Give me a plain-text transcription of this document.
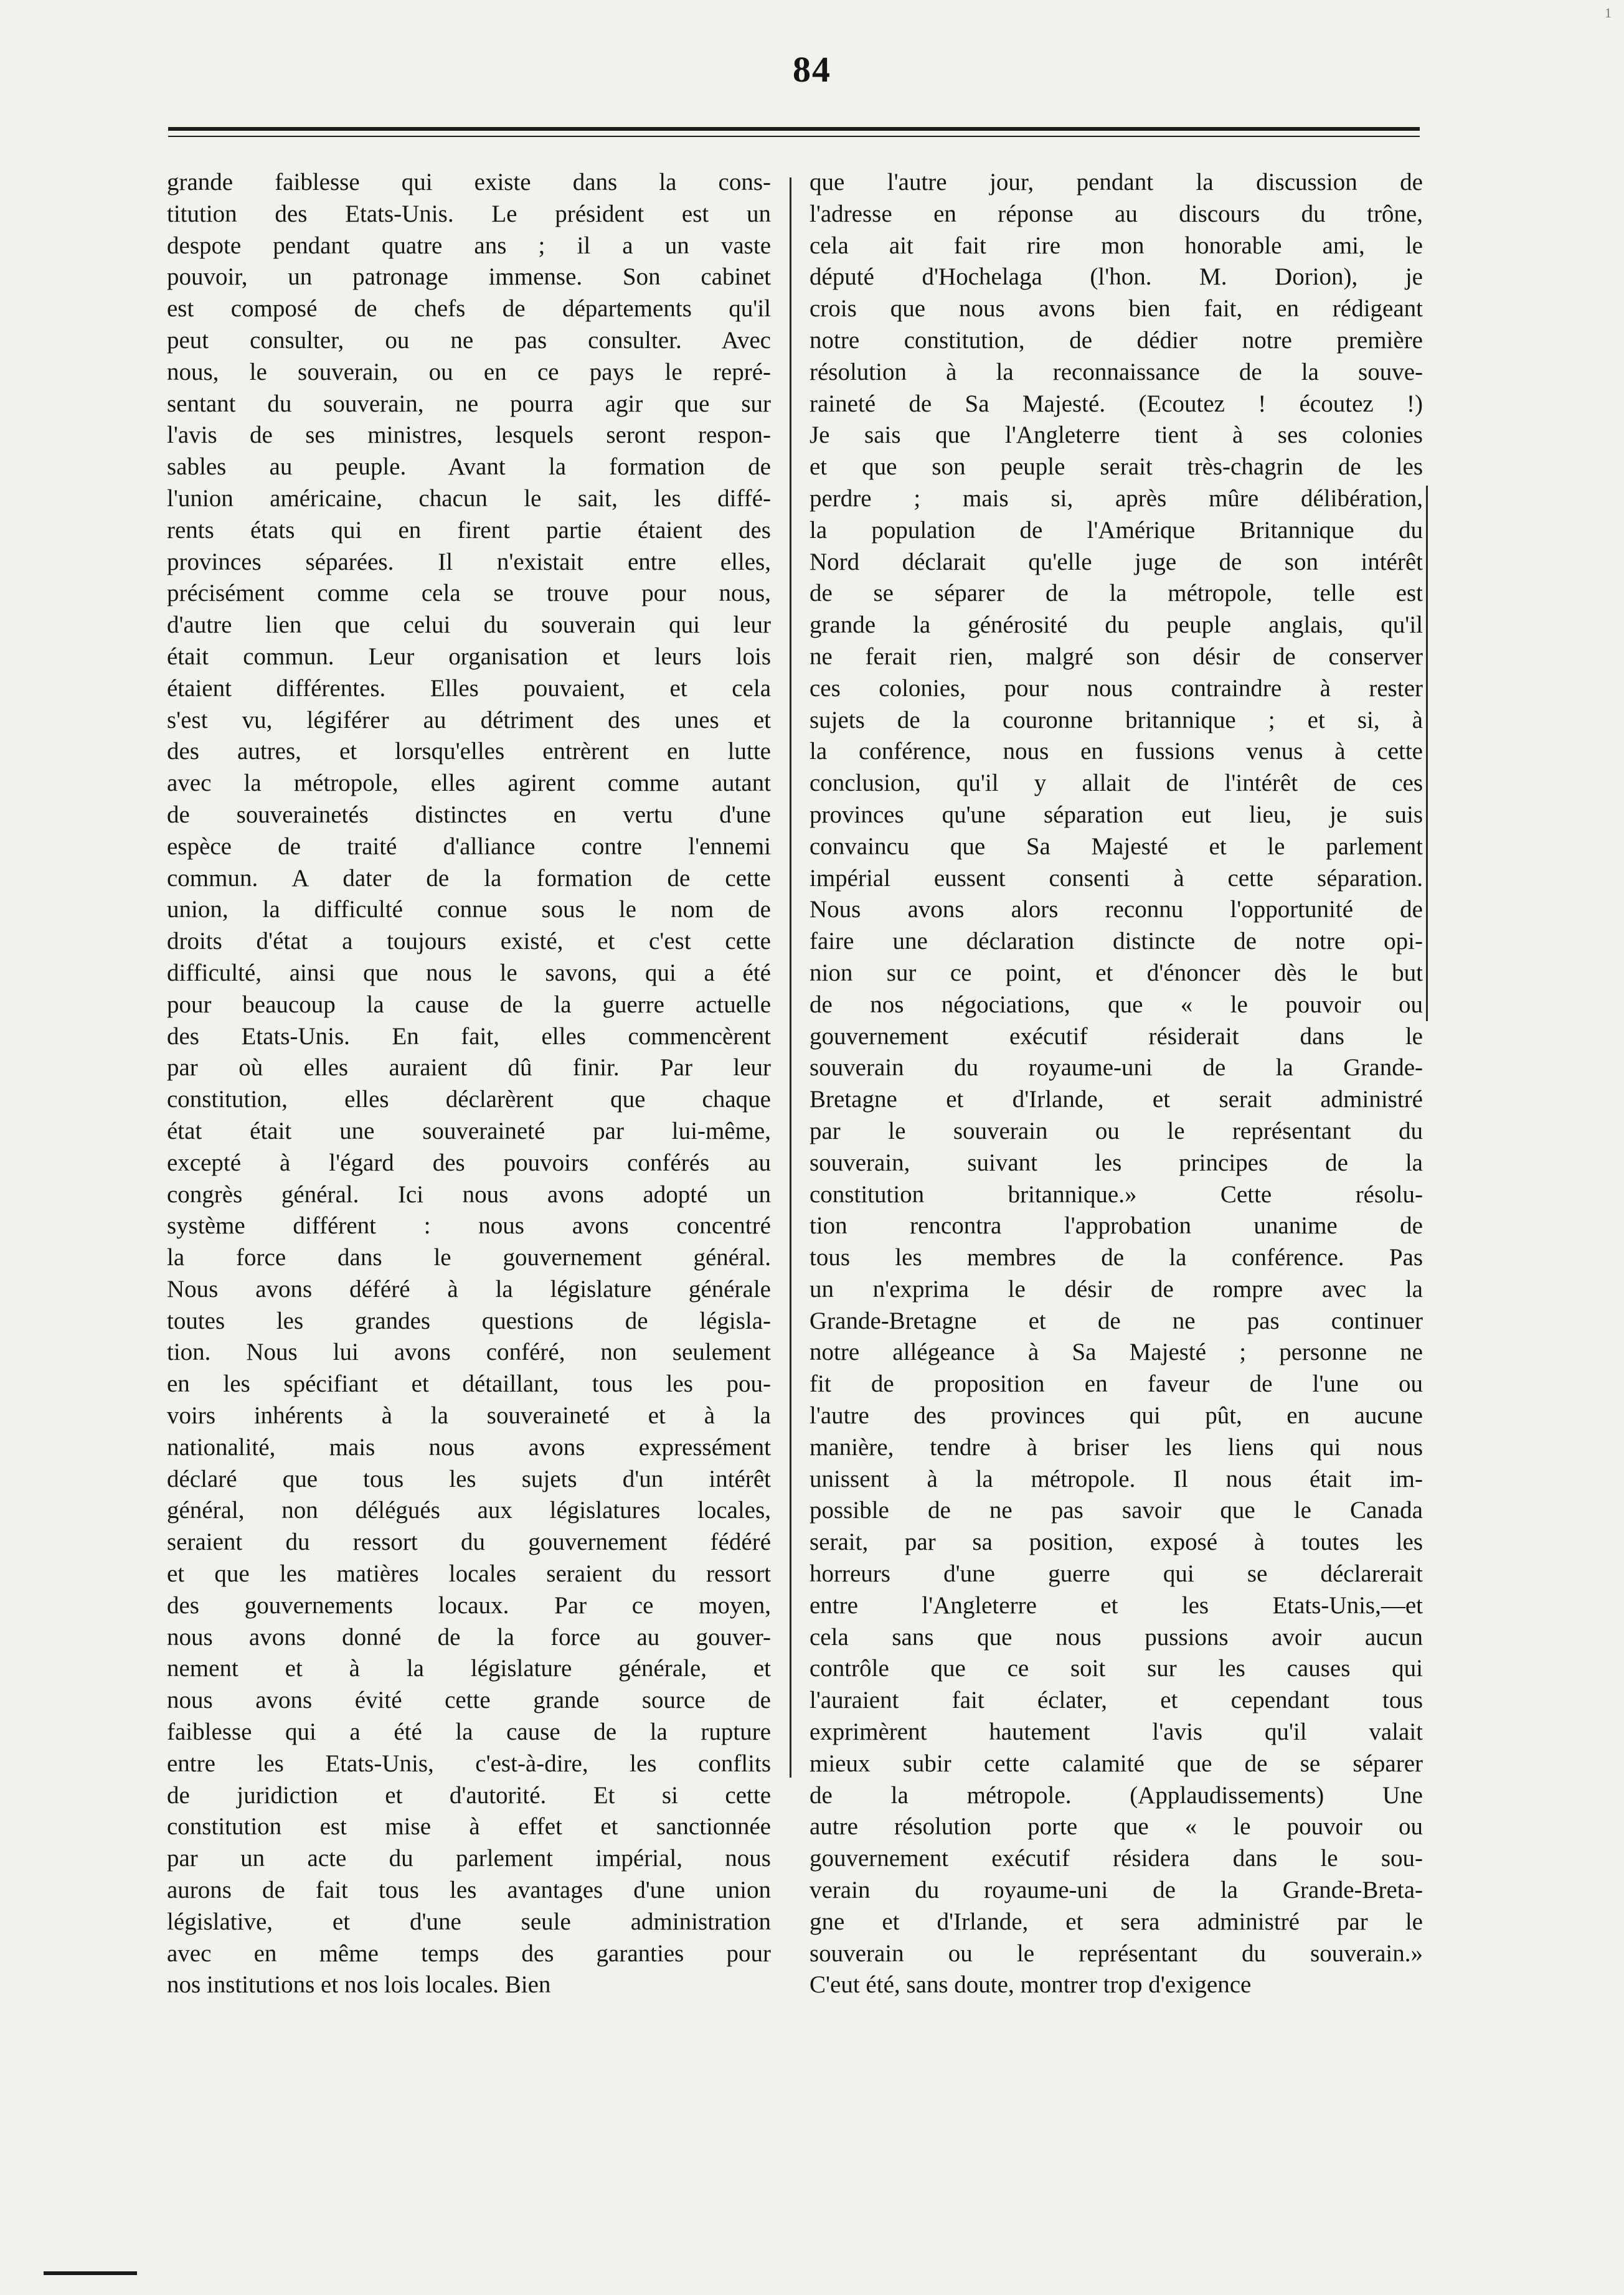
1
84
grande faiblesse qui existe dans la cons-
titution des Etats-Unis. Le président est un
despote pendant quatre ans ; il a un vaste
pouvoir, un patronage immense. Son cabinet
est composé de chefs de départements qu'il
peut consulter, ou ne pas consulter. Avec
nous, le souverain, ou en ce pays le repré-
sentant du souverain, ne pourra agir que sur
l'avis de ses ministres, lesquels seront respon-
sables au peuple. Avant la formation de
l'union américaine, chacun le sait, les diffé-
rents états qui en firent partie étaient des
provinces séparées. Il n'existait entre elles,
précisément comme cela se trouve pour nous,
d'autre lien que celui du souverain qui leur
était commun. Leur organisation et leurs lois
étaient différentes. Elles pouvaient, et cela
s'est vu, légiférer au détriment des unes et
des autres, et lorsqu'elles entrèrent en lutte
avec la métropole, elles agirent comme autant
de souverainetés distinctes en vertu d'une
espèce de traité d'alliance contre l'ennemi
commun. A dater de la formation de cette
union, la difficulté connue sous le nom de
droits d'état a toujours existé, et c'est cette
difficulté, ainsi que nous le savons, qui a été
pour beaucoup la cause de la guerre actuelle
des Etats-Unis. En fait, elles commencèrent
par où elles auraient dû finir. Par leur
constitution, elles déclarèrent que chaque
état était une souveraineté par lui-même,
excepté à l'égard des pouvoirs conférés au
congrès général. Ici nous avons adopté un
système différent : nous avons concentré
la force dans le gouvernement général.
Nous avons déféré à la législature générale
toutes les grandes questions de législa-
tion. Nous lui avons conféré, non seulement
en les spécifiant et détaillant, tous les pou-
voirs inhérents à la souveraineté et à la
nationalité, mais nous avons expressément
déclaré que tous les sujets d'un intérêt
général, non délégués aux législatures locales,
seraient du ressort du gouvernement fédéré
et que les matières locales seraient du ressort
des gouvernements locaux. Par ce moyen,
nous avons donné de la force au gouver-
nement et à la législature générale, et
nous avons évité cette grande source de
faiblesse qui a été la cause de la rupture
entre les Etats-Unis, c'est-à-dire, les conflits
de juridiction et d'autorité. Et si cette
constitution est mise à effet et sanctionnée
par un acte du parlement impérial, nous
aurons de fait tous les avantages d'une union
législative, et d'une seule administration
avec en même temps des garanties pour
nos institutions et nos lois locales. Bien
que l'autre jour, pendant la discussion de
l'adresse en réponse au discours du trône,
cela ait fait rire mon honorable ami, le
député d'Hochelaga (l'hon. M. Dorion), je
crois que nous avons bien fait, en rédigeant
notre constitution, de dédier notre première
résolution à la reconnaissance de la souve-
raineté de Sa Majesté. (Ecoutez ! écoutez !)
Je sais que l'Angleterre tient à ses colonies
et que son peuple serait très-chagrin de les
perdre ; mais si, après mûre délibération,
la population de l'Amérique Britannique du
Nord déclarait qu'elle juge de son intérêt
de se séparer de la métropole, telle est
grande la générosité du peuple anglais, qu'il
ne ferait rien, malgré son désir de conserver
ces colonies, pour nous contraindre à rester
sujets de la couronne britannique ; et si, à
la conférence, nous en fussions venus à cette
conclusion, qu'il y allait de l'intérêt de ces
provinces qu'une séparation eut lieu, je suis
convaincu que Sa Majesté et le parlement
impérial eussent consenti à cette séparation.
Nous avons alors reconnu l'opportunité de
faire une déclaration distincte de notre opi-
nion sur ce point, et d'énoncer dès le but
de nos négociations, que « le pouvoir ou
gouvernement exécutif résiderait dans le
souverain du royaume-uni de la Grande-
Bretagne et d'Irlande, et serait administré
par le souverain ou le représentant du
souverain, suivant les principes de la
constitution britannique.» Cette résolu-
tion rencontra l'approbation unanime de
tous les membres de la conférence. Pas
un n'exprima le désir de rompre avec la
Grande-Bretagne et de ne pas continuer
notre allégeance à Sa Majesté ; personne ne
fit de proposition en faveur de l'une ou
l'autre des provinces qui pût, en aucune
manière, tendre à briser les liens qui nous
unissent à la métropole. Il nous était im-
possible de ne pas savoir que le Canada
serait, par sa position, exposé à toutes les
horreurs d'une guerre qui se déclarerait
entre l'Angleterre et les Etats-Unis,—et
cela sans que nous pussions avoir aucun
contrôle que ce soit sur les causes qui
l'auraient fait éclater, et cependant tous
exprimèrent hautement l'avis qu'il valait
mieux subir cette calamité que de se séparer
de la métropole. (Applaudissements) Une
autre résolution porte que « le pouvoir ou
gouvernement exécutif résidera dans le sou-
verain du royaume-uni de la Grande-Breta-
gne et d'Irlande, et sera administré par le
souverain ou le représentant du souverain.»
C'eut été, sans doute, montrer trop d'exigence
